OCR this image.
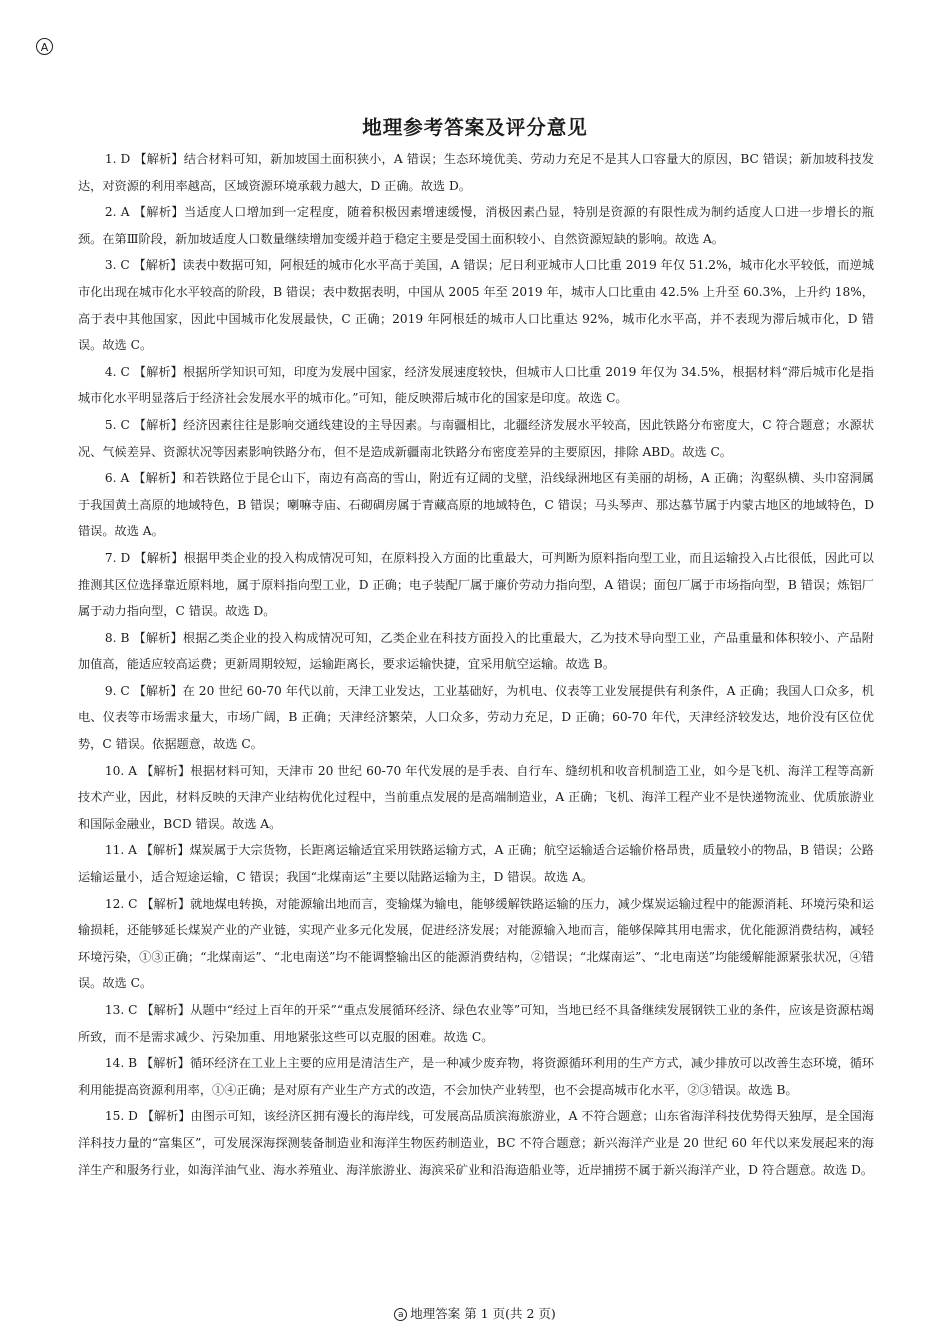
A
地理参考答案及评分意见

1. D 【解析】结合材料可知，新加坡国土面积狭小，A 错误；生态环境优美、劳动力充足不是其人口容量大的原因，BC 错误；新加坡科技发达，对资源的利用率越高，区域资源环境承载力越大，D 正确。故选 D。

2. A 【解析】当适度人口增加到一定程度，随着积极因素增速缓慢，消极因素凸显，特别是资源的有限性成为制约适度人口进一步增长的瓶颈。在第Ⅲ阶段，新加坡适度人口数量继续增加变缓并趋于稳定主要是受国土面积较小、自然资源短缺的影响。故选 A。

3. C 【解析】读表中数据可知，阿根廷的城市化水平高于美国，A 错误；尼日利亚城市人口比重 2019 年仅 51.2%，城市化水平较低，而逆城市化出现在城市化水平较高的阶段，B 错误；表中数据表明，中国从 2005 年至 2019 年，城市人口比重由 42.5% 上升至 60.3%，上升约 18%，高于表中其他国家，因此中国城市化发展最快，C 正确；2019 年阿根廷的城市人口比重达 92%，城市化水平高，并不表现为滞后城市化，D 错误。故选 C。

4. C 【解析】根据所学知识可知，印度为发展中国家，经济发展速度较快，但城市人口比重 2019 年仅为 34.5%，根据材料“滞后城市化是指城市化水平明显落后于经济社会发展水平的城市化。”可知，能反映滞后城市化的国家是印度。故选 C。

5. C 【解析】经济因素往往是影响交通线建设的主导因素。与南疆相比，北疆经济发展水平较高，因此铁路分布密度大，C 符合题意；水源状况、气候差异、资源状况等因素影响铁路分布，但不是造成新疆南北铁路分布密度差异的主要原因，排除 ABD。故选 C。

6. A 【解析】和若铁路位于昆仑山下，南边有高高的雪山，附近有辽阔的戈壁，沿线绿洲地区有美丽的胡杨，A 正确；沟壑纵横、头巾窑洞属于我国黄土高原的地域特色，B 错误；喇嘛寺庙、石砌碉房属于青藏高原的地域特色，C 错误；马头琴声、那达慕节属于内蒙古地区的地域特色，D 错误。故选 A。

7. D 【解析】根据甲类企业的投入构成情况可知，在原料投入方面的比重最大，可判断为原料指向型工业，而且运输投入占比很低，因此可以推测其区位选择靠近原料地，属于原料指向型工业，D 正确；电子装配厂属于廉价劳动力指向型，A 错误；面包厂属于市场指向型，B 错误；炼铝厂属于动力指向型，C 错误。故选 D。

8. B 【解析】根据乙类企业的投入构成情况可知，乙类企业在科技方面投入的比重最大，乙为技术导向型工业，产品重量和体积较小、产品附加值高，能适应较高运费；更新周期较短，运输距离长，要求运输快捷，宜采用航空运输。故选 B。

9. C 【解析】在 20 世纪 60-70 年代以前，天津工业发达，工业基础好，为机电、仪表等工业发展提供有利条件，A 正确；我国人口众多，机电、仪表等市场需求量大，市场广阔，B 正确；天津经济繁荣，人口众多，劳动力充足，D 正确；60-70 年代，天津经济较发达，地价没有区位优势，C 错误。依据题意，故选 C。

10. A 【解析】根据材料可知，天津市 20 世纪 60-70 年代发展的是手表、自行车、缝纫机和收音机制造工业，如今是飞机、海洋工程等高新技术产业，因此，材料反映的天津产业结构优化过程中，当前重点发展的是高端制造业，A 正确；飞机、海洋工程产业不是快递物流业、优质旅游业和国际金融业，BCD 错误。故选 A。

11. A 【解析】煤炭属于大宗货物，长距离运输适宜采用铁路运输方式，A 正确；航空运输适合运输价格昂贵，质量较小的物品，B 错误；公路运输运量小，适合短途运输，C 错误；我国“北煤南运”主要以陆路运输为主，D 错误。故选 A。

12. C 【解析】就地煤电转换，对能源输出地而言，变输煤为输电，能够缓解铁路运输的压力，减少煤炭运输过程中的能源消耗、环境污染和运输损耗，还能够延长煤炭产业的产业链，实现产业多元化发展，促进经济发展；对能源输入地而言，能够保障其用电需求，优化能源消费结构，减轻环境污染，①③正确；“北煤南运”、“北电南送”均不能调整输出区的能源消费结构，②错误；“北煤南运”、“北电南送”均能缓解能源紧张状况，④错误。故选 C。

13. C 【解析】从题中“经过上百年的开采”“重点发展循环经济、绿色农业等”可知，当地已经不具备继续发展钢铁工业的条件，应该是资源枯竭所致，而不是需求减少、污染加重、用地紧张这些可以克服的困难。故选 C。

14. B 【解析】循环经济在工业上主要的应用是清洁生产，是一种减少废弃物，将资源循环利用的生产方式，减少排放可以改善生态环境，循环利用能提高资源利用率，①④正确；是对原有产业生产方式的改造，不会加快产业转型，也不会提高城市化水平，②③错误。故选 B。

15. D 【解析】由图示可知，该经济区拥有漫长的海岸线，可发展高品质滨海旅游业，A 不符合题意；山东省海洋科技优势得天独厚，是全国海洋科技力量的“富集区”，可发展深海探测装备制造业和海洋生物医药制造业，BC 不符合题意；新兴海洋产业是 20 世纪 60 年代以来发展起来的海洋生产和服务行业，如海洋油气业、海水养殖业、海洋旅游业、海滨采矿业和沿海造船业等，近岸捕捞不属于新兴海洋产业，D 符合题意。故选 D。

a 地理答案 第 1 页(共 2 页)
